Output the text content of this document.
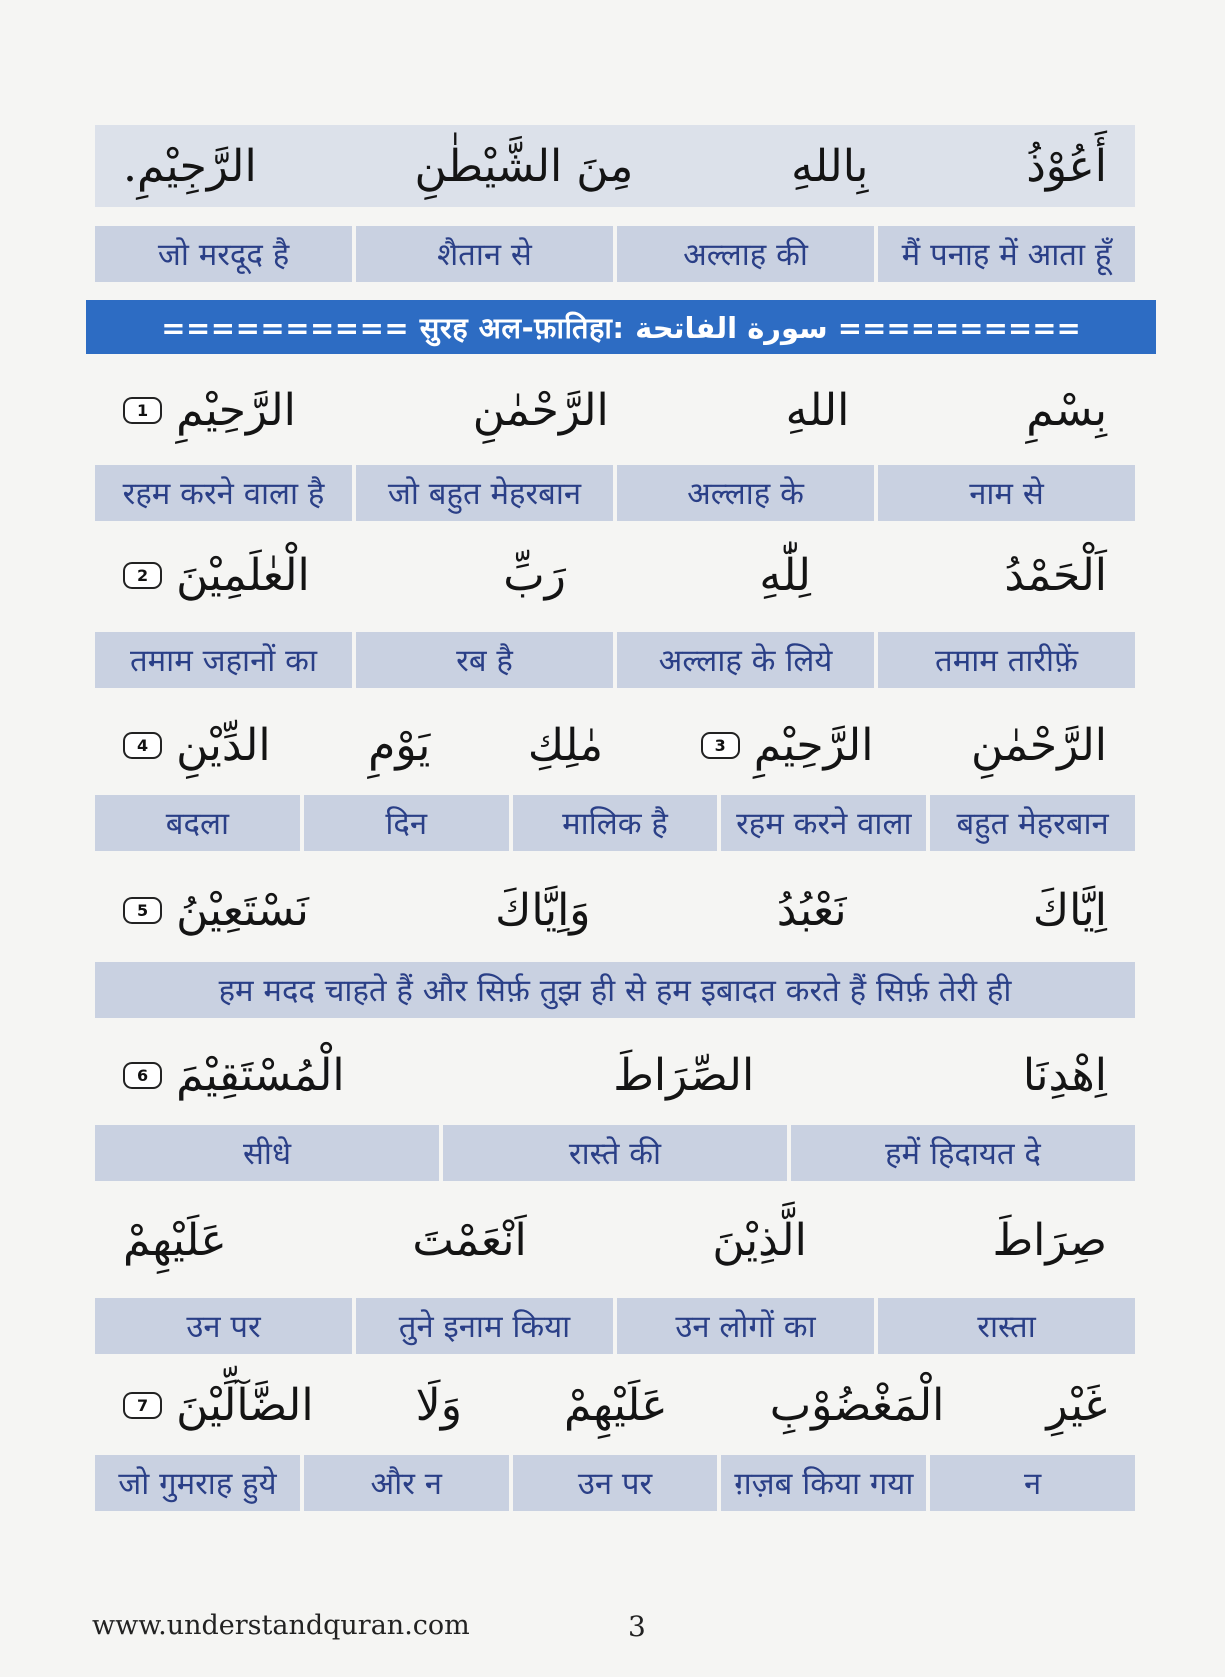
أَعُوْذُ
بِاللهِ
مِنَ الشَّيْطٰنِ
الرَّجِيْمِ.
मैं पनाह में आता हूँ
अल्लाह की
शैतान से
जो मरदूद है
========== सुरह अल-फ़ातिहा: سورة الفاتحة ==========
بِسْمِ
اللهِ
الرَّحْمٰنِ
الرَّحِيْمِ
1
नाम से
अल्लाह के
जो बहुत मेहरबान
रहम करने वाला है
اَلْحَمْدُ
لِلّٰهِ
رَبِّ
الْعٰلَمِيْنَ
2
तमाम तारीफ़ें
अल्लाह के लिये
रब है
तमाम जहानों का
الرَّحْمٰنِ
الرَّحِيْمِ
3
مٰلِكِ
يَوْمِ
الدِّيْنِ
4
बहुत मेहरबान
रहम करने वाला
मालिक है
दिन
बदला
اِيَّاكَ
نَعْبُدُ
وَاِيَّاكَ
نَسْتَعِيْنُ
5
हम मदद चाहते हैं और सिर्फ़ तुझ ही से हम इबादत करते हैं सिर्फ़ तेरी ही
اِهْدِنَا
الصِّرَاطَ
الْمُسْتَقِيْمَ
6
हमें हिदायत दे
रास्ते की
सीधे
صِرَاطَ
الَّذِيْنَ
اَنْعَمْتَ
عَلَيْهِمْ
रास्ता
उन लोगों का
तुने इनाम किया
उन पर
غَيْرِ
الْمَغْضُوْبِ
عَلَيْهِمْ
وَلَا
الضَّآلِّيْنَ
7
न
ग़ज़ब किया गया
उन पर
और न
जो गुमराह हुये
www.understandquran.com	3
